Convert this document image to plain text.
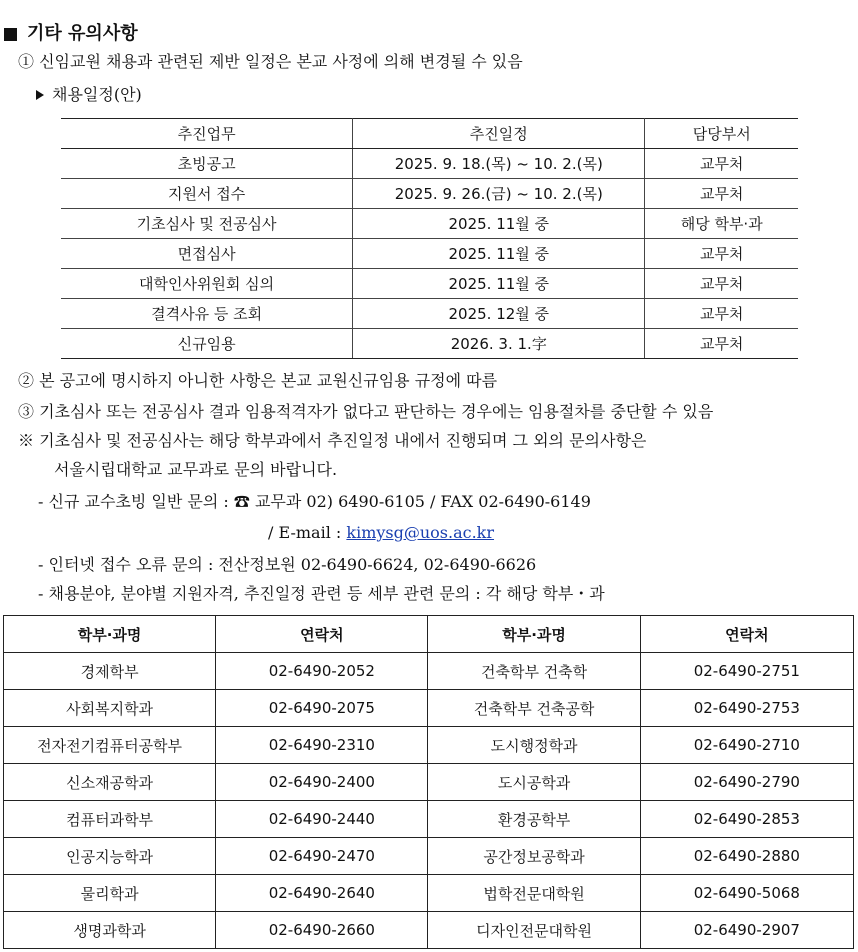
기타 유의사항
① 신임교원 채용과 관련된 제반 일정은 본교 사정에 의해 변경될 수 있음
채용일정(안)
추진업무	추진일정	담당부서
초빙공고	2025. 9. 18.(목) ~ 10. 2.(목)	교무처
지원서 접수	2025. 9. 26.(금) ~ 10. 2.(목)	교무처
기초심사 및 전공심사	2025. 11월 중	해당 학부·과
면접심사	2025. 11월 중	교무처
대학인사위원회 심의	2025. 11월 중	교무처
결격사유 등 조회	2025. 12월 중	교무처
신규임용	2026. 3. 1.字	교무처
② 본 공고에 명시하지 아니한 사항은 본교 교원신규임용 규정에 따름
③ 기초심사 또는 전공심사 결과 임용적격자가 없다고 판단하는 경우에는 임용절차를 중단할 수 있음
※ 기초심사 및 전공심사는 해당 학부과에서 추진일정 내에서 진행되며 그 외의 문의사항은
서울시립대학교 교무과로 문의 바랍니다.
- 신규 교수초빙 일반 문의 : ☎ 교무과 02) 6490-6105 / FAX 02-6490-6149
/ E-mail : kimysg@uos.ac.kr
- 인터넷 접수 오류 문의 : 전산정보원 02-6490-6624, 02-6490-6626
- 채용분야, 분야별 지원자격, 추진일정 관련 등 세부 관련 문의 : 각 해당 학부・과
학부·과명	연락처	학부·과명	연락처
경제학부	02-6490-2052	건축학부 건축학	02-6490-2751
사회복지학과	02-6490-2075	건축학부 건축공학	02-6490-2753
전자전기컴퓨터공학부	02-6490-2310	도시행정학과	02-6490-2710
신소재공학과	02-6490-2400	도시공학과	02-6490-2790
컴퓨터과학부	02-6490-2440	환경공학부	02-6490-2853
인공지능학과	02-6490-2470	공간정보공학과	02-6490-2880
물리학과	02-6490-2640	법학전문대학원	02-6490-5068
생명과학과	02-6490-2660	디자인전문대학원	02-6490-2907
